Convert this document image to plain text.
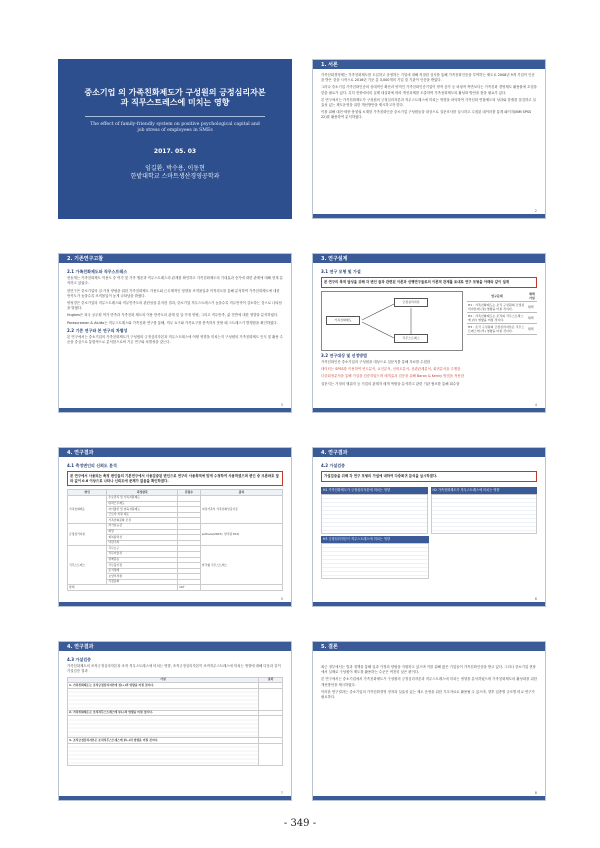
중소기업 의 가족친화제도가 구성원의 긍정심리자본
과 직무스트레스에 미치는 영향
The effect of family-friendly system on positive psychological capital and
job stress of employees in SMEs
2017. 05. 03
임길환, 박수용, 이동현
한밭대학교 스마트생산경영공학과
1. 서론
가족친화경영제는 가족친화제도를 도입하고 운영하는 기업에 대해 적절한 심사를 통해 가족친화인증을 부여하는 제도로 2008년 9개 기업이 인증을 받은 것을 시작으로 2016년 기준 총 3,000개의 기업 및 기관이 인증을 받았다.
그러나 중소기업 가족친화인증의 상대적인 확산과 양적인 가족친화인증기업이 양적 증가 등 외형적 측면보다는 가족친화 경영제도 활용률에 초점을 맞출 필요가 있다. 특히 현장에서의 실제 내실화에 따라 개선과제를 도출하여 가족친화제도의 활성화 방안을 찾을 필요가 있다.
본 연구에서는 가족친화제도가 구성원의 긍정심리자본과 직무스트레스에 미치는 영향을 파악하여 가족친화 연합제도의 성과와 한계를 점검하고 실효성 있는 제도운영을 위한 개선방안을 제시하고자 한다.
이를 위해 대전·세종·충청권 소재한 가족친화인증 중소기업 구성원들을 대상으로 설문조사를 실시하고 수집된 데이터를 통계 패키지(IBM SPSS 22)를 활용하여 분석하였다.
2
2. 기존연구고찰
2.1 가족친화제도와 직무스트레스
현동재는 가족친화제도 이용도 중 여가 및 가족 행운과 직무스트레스의 관계를 확인하고 가족친화제도의 기대효과 증가에 대한 관계에 대해 현재 분석하고 있었다.
한민구은 중소기업의 일·가정 양립을 위한 가족친화제도 가용도와 근무제적인 영향을 조직몰입과 이직의도를 통해 분석하여 가족친화제도에 대한 만족도가 높을수록 조직몰입이 높게 나타남을 밝혔다.
양성경은 중소기업의 직무스트레스와 직무만족도의 관련성을 분석한 결과, 중소기업 직무스트레스가 높을수록 직무만족이 감소하는 것으로 나타남을 밝혔다.
Hughes은 외국 공무원 여가 만족과 가족친화 제도의 이용 만족도의 관계 및 일·가정 양립, 그리고 직무만족, 삶 전반에 대한 영향을 분석하였다.
Parasuraman & Alutto는 직무스트레스와 가족친화 연구를 통해, 직무 요구와 가족요구를 충족하지 못할 때 스트레스가 발생함을 확인하였다.
2.2 기존 연구와 본 연구의 차별성
본 연구에서는 중소기업의 가족친화제도가 구성원의 긍정심리자본과 직무스트레스에 어떤 영향을 미치는지 구성원의 가족친화제도 인식 및 활용 수준을 중심으로 통합적으로 분석함으로써 기존 연구와 차별성을 갖는다.
3
3. 연구설계
3.1 연구 모형 및 가설
본 연구의 목적 달성을 위해 각 변인 들과 관련된 이론과 선행연구들로의 이론적 관계를 토대로 연구 모형을 아래와 같이 설계
가족친화제도
긍정심리자본
직무스트레스
연구문제	채택 가설
H1 : 가족친화제도는 조직 구성원의 긍정심리자본에 (정) 영향을 미칠 것이다.	채택
H2 : 가족친화제도는 조직의 직무스트레스에 (부) 영향을 미칠 것이다.	채택
H3 : 조직 구성원의 긍정심리자본은 직무스트레스에 (부) 영향을 미칠 것이다.	채택
3.2 연구대상 및 선정방법
가족친화인증 중소기업의 구성원을 대상으로 설문지를 통해 자료를 수집함
데이터는 SPSS를 이용하여 빈도분석, 요인분석, 신뢰도분석, 상관관계분석, 회귀분석을 수행함
다중회귀분석을 통해 가설을 검증하였으며 매개효과 검증을 위해 Baron & Kenny 방법을 적용함
설문지는 가정의 행위자 등 기업의 관계자 매개 역할을 분석하고 관련 기관 협조를 통해 회수함
4
4. 연구결과
4.1 측정변인의 신뢰도 분석
본 연구에서 사용되는 측정 변인들의 기본연구에서 사용검증된 변인으로 연구의 사용목적에 맞게 수정하여 사용하였으며 변인 중 크론바흐 알파 값이 0.6 이상으로 나타나 신뢰도에 문제가 없음을 확인하였다.
변인	측정항목	문항수	출처
가족친화제도	수요만족 및 가족지원제도		여성가족부 가족친화인증기준
	탄력근무제도		
	자녀출산 및 양육지원제도		
	근로자 지원 제도		
	가족친화문화 조성		
긍정심리자본	자기효능감		Luthans(2007), 한국판 PCQ
	희망		
	회복탄력성		
	낙관주의		
직무스트레스	직무요구		한국형 직무스트레스
	직무자율성		
	관계갈등		
	직무불안정		
	조직체계		
	보상부적절		
	직장문화		
합계		107	
5
4. 연구결과
4.2 가설검증
가설검증을 위해 각 연구 모형의 가설에 대하여 다중회귀 분석을 실시하였다.
H1 가족친화제도가 긍정심리자본에 미치는 영향	H2 가족친화제도가 직무스트레스에 미치는 영향
H3 긍정심리자본이 직무스트레스에 미치는 영향
6
4. 연구결과
4.3 가설검증
가족친화제도의 조직긍정심리자본과 조직 직무스트레스에 미치는 영향, 조직긍정심리자본이 조직직무스트레스에 미치는 영향에 대해 다음과 같이 가설검증 결과
가설	결과
1. 가족친화제도는 조직긍정심리자본에 정(+)의 영향을 미칠 것이다.	

2. 가족친화제도는 조직직무스트레스에 부(-)의 영향을 미칠 것이다.	

3. 조직긍정심리자본은 조직직무스트레스에 부(-)의 영향을 미칠 것이다.	

7
5. 결론
최근 정부에서는 법과 정책을 통해 일과 가정의 양립을 지원하고 있으며 이를 위해 많은 기업들이 가족친화인증을 받고 있다. 그러나 중소기업 현장에서 실제로 구성원이 제도를 활용하는 수준은 여전히 낮은 편이다.
본 연구에서는 중소기업에서 가족친화제도가 구성원의 긍정심리자본과 직무스트레스에 미치는 영향을 분석하였으며 가족친화제도의 활성화를 위한 개선방안을 제시하였다.
이러한 연구결과는 중소기업의 가족친화경영 정착과 실효성 있는 제도 운영을 위한 기초자료로 활용될 수 있으며, 향후 업종별 규모별 비교 연구가 필요하다.
8
- 349 -
